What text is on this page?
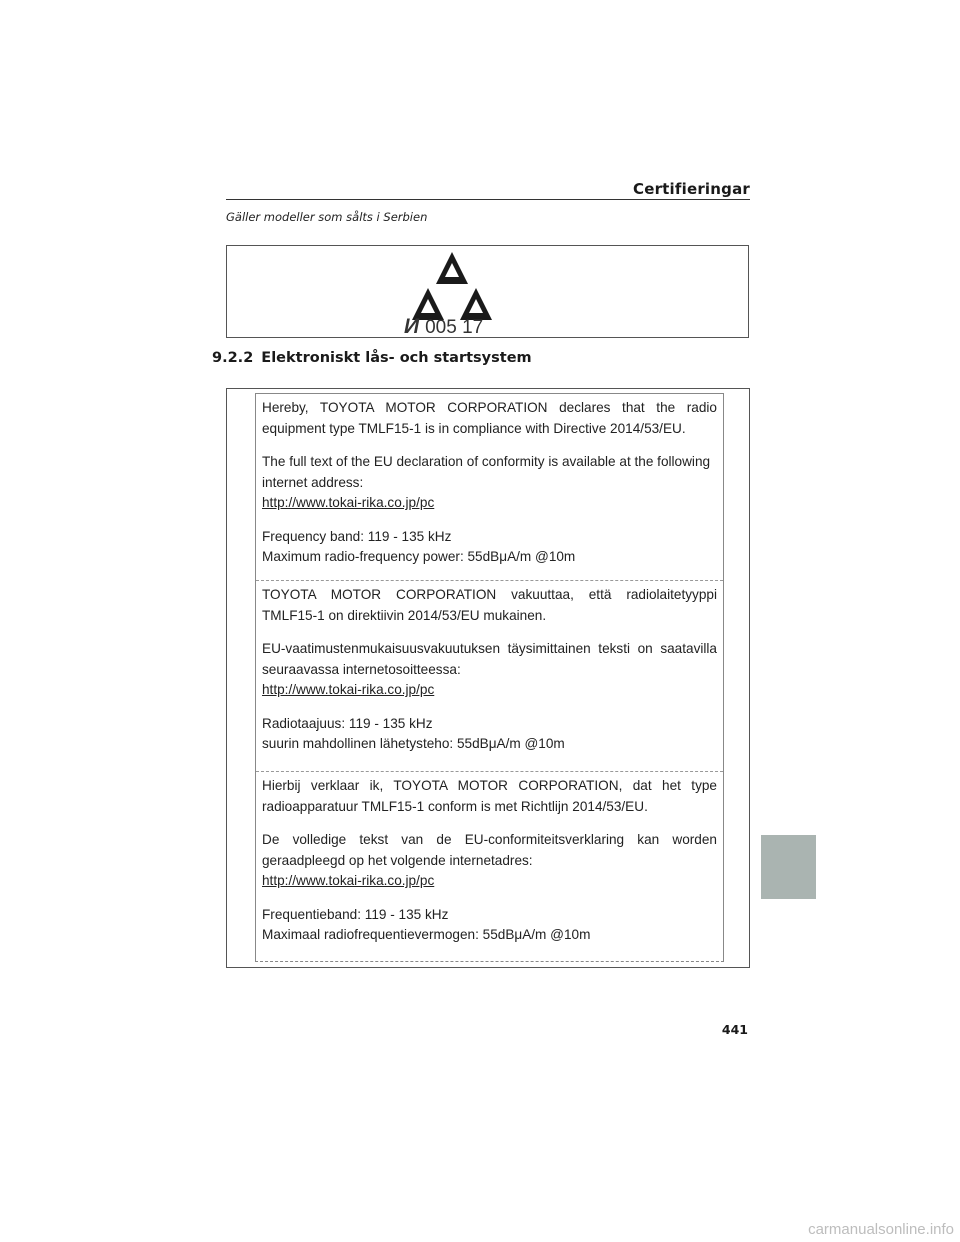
Certifieringar
Gäller modeller som sålts i Serbien
И 005 17
9.2.2 Elektroniskt lås- och startsystem

Hereby, TOYOTA MOTOR CORPORATION declares that the radio equipment type TMLF15-1 is in compliance with Directive 2014/53/EU.

The full text of the EU declaration of conformity is available at the following internet address:

http://www.tokai-rika.co.jp/pc

Frequency band: 119 - 135 kHz

Maximum radio-frequency power: 55dBμA/m @10m

TOYOTA MOTOR CORPORATION vakuuttaa, että radiolaitetyyppi TMLF15-1 on direktiivin 2014/53/EU mukainen.

EU-vaatimustenmukaisuusvakuutuksen täysimittainen teksti on saatavilla seuraavassa internetosoitteessa:

http://www.tokai-rika.co.jp/pc

Radiotaajuus: 119 - 135 kHz

suurin mahdollinen lähetysteho: 55dBμA/m @10m

Hierbij verklaar ik, TOYOTA MOTOR CORPORATION, dat het type radioapparatuur TMLF15-1 conform is met Richtlijn 2014/53/EU.

De volledige tekst van de EU-conformiteitsverklaring kan worden geraadpleegd op het volgende internetadres:

http://www.tokai-rika.co.jp/pc

Frequentieband: 119 - 135 kHz

Maximaal radiofrequentievermogen: 55dBμA/m @10m

441
carmanualsonline.info
